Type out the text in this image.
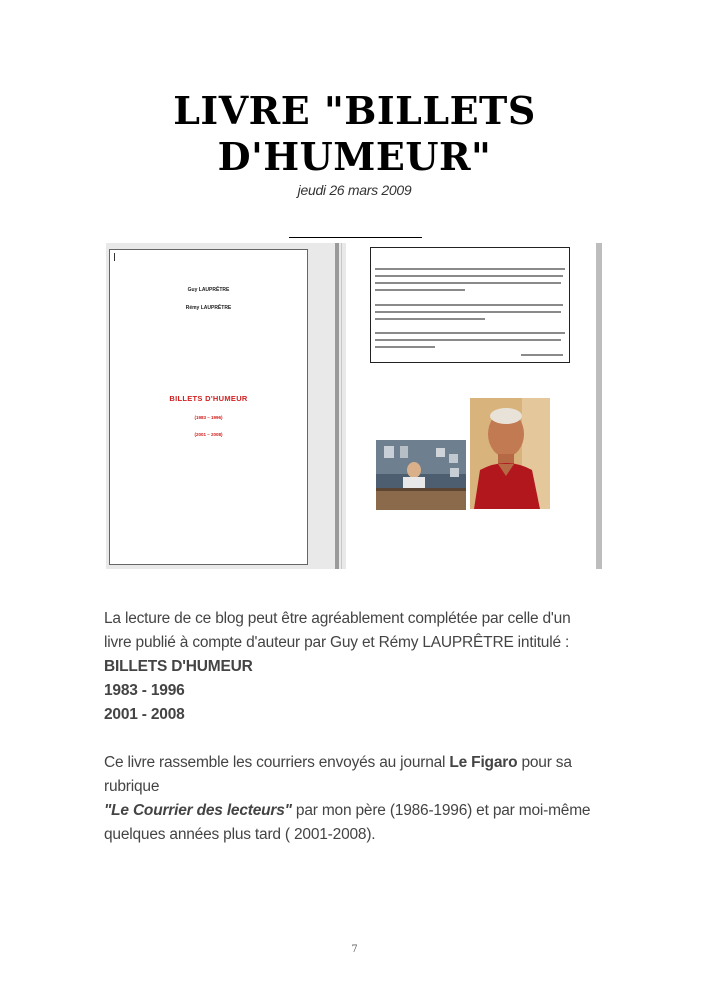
LIVRE "BILLETS
D'HUMEUR"
jeudi 26 mars 2009
Guy LAUPRÊTRE
Rémy LAUPRÊTRE
BILLETS D'HUMEUR
(1983 – 1996)
(2001 – 2008)
La lecture de ce blog peut être agréablement complétée par celle d'un
livre publié à compte d'auteur par Guy et Rémy LAUPRÊTRE intitulé :
BILLETS D'HUMEUR
1983 - 1996
2001 - 2008
Ce livre rassemble les courriers envoyés au journal Le Figaro pour sa
rubrique
"Le Courrier des lecteurs" par mon père (1986-1996) et par moi-même
quelques années plus tard ( 2001-2008).
7
